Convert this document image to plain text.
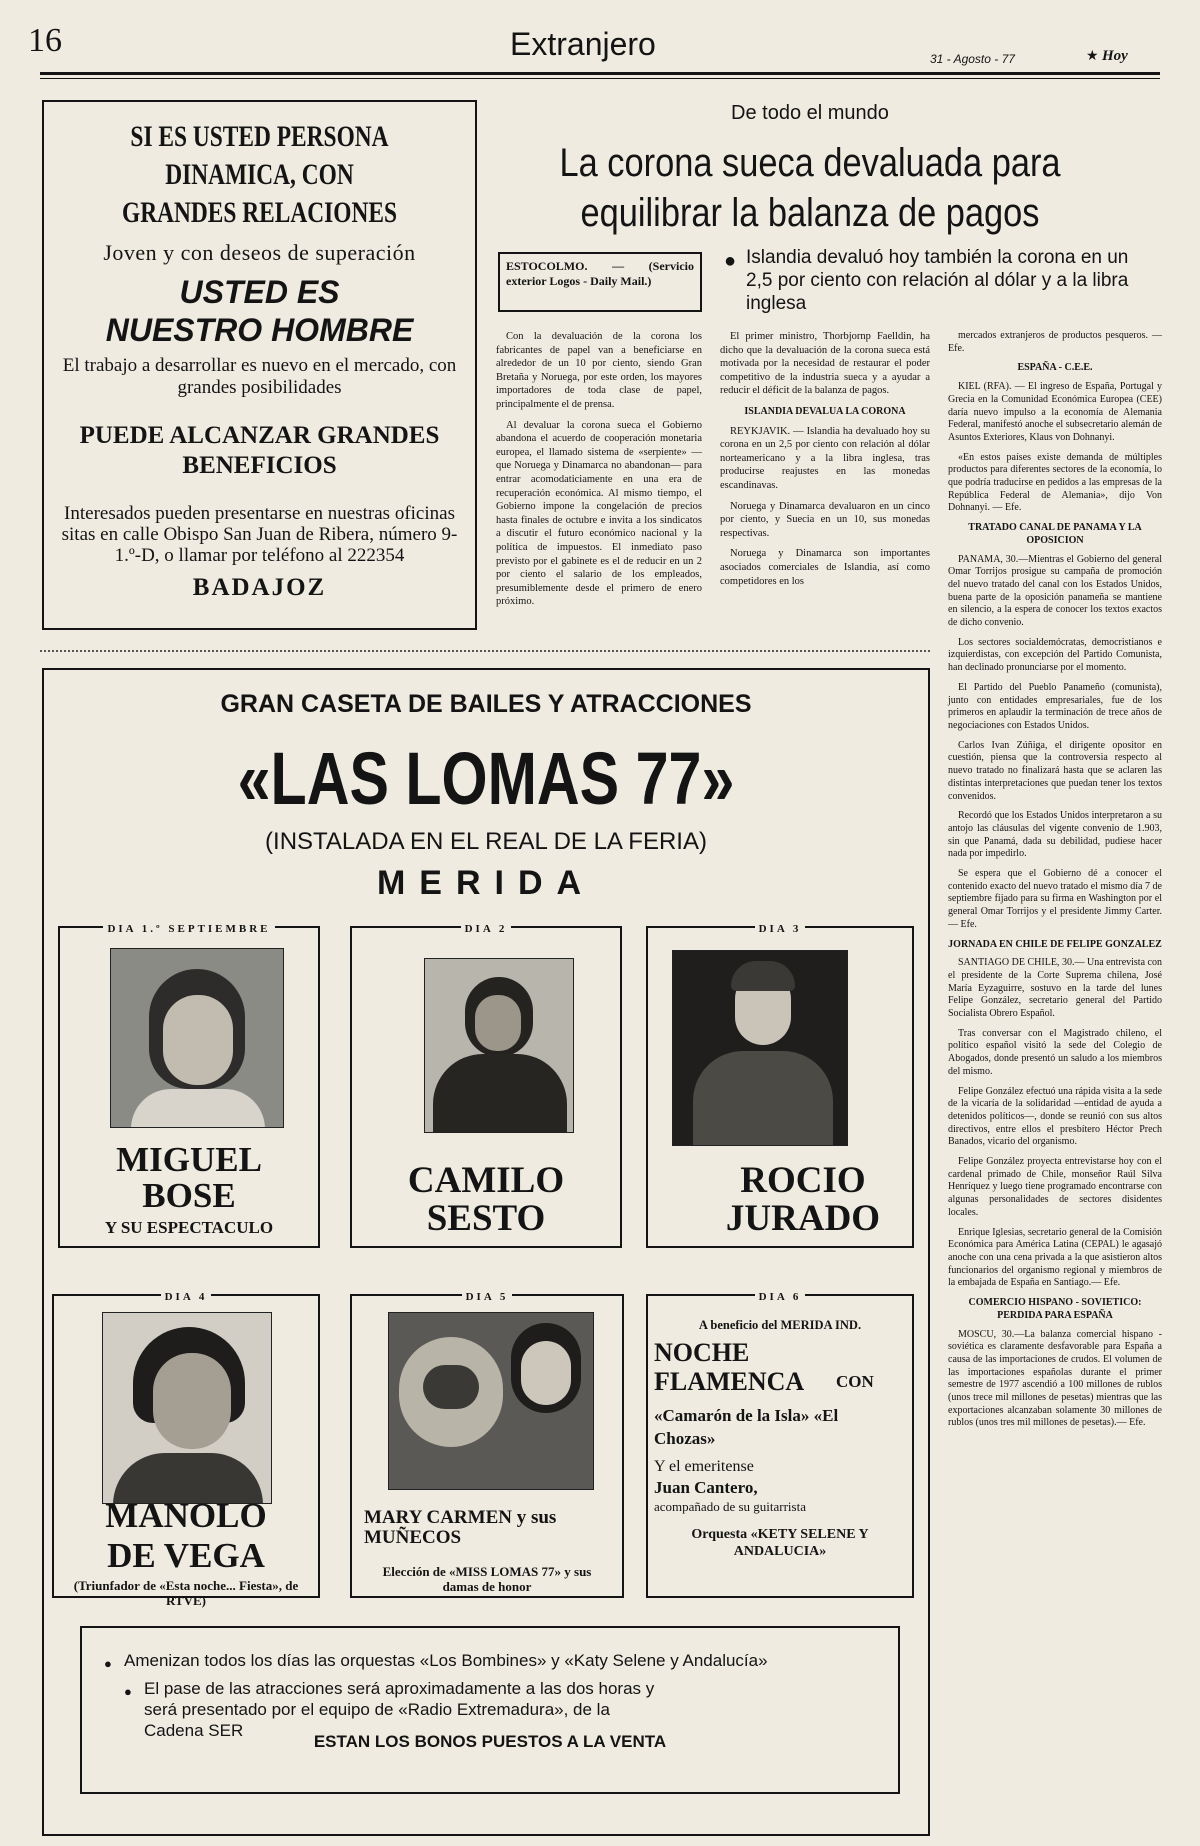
16	Extranjero	31 - Agosto - 77	★ Hoy
SI ES USTED PERSONA DINAMICA, CON GRANDES RELACIONES
Joven y con deseos de superación
USTED ES
NUESTRO HOMBRE
El trabajo a desarrollar es nuevo en el mercado, con grandes posibilidades
PUEDE ALCANZAR GRANDES BENEFICIOS
Interesados pueden presentarse en nuestras oficinas sitas en calle Obispo San Juan de Ribera, número 9-1.º-D, o llamar por teléfono al 222354
BADAJOZ
De todo el mundo
La corona sueca devaluada para equilibrar la balanza de pagos
ESTOCOLMO. — (Servicio exterior Logos - Daily Mail.)
● Islandia devaluó hoy también la corona en un 2,5 por ciento con relación al dólar y a la libra inglesa

Con la devaluación de la corona los fabricantes de papel van a beneficiarse en alrededor de un 10 por ciento, siendo Gran Bretaña y Noruega, por este orden, los mayores importadores de toda clase de papel, principalmente el de prensa.

Al devaluar la corona sueca el Gobierno abandona el acuerdo de cooperación monetaria europea, el llamado sistema de «serpiente» —que Noruega y Dinamarca no abandonan— para entrar acomodaticiamente en una era de recuperación económica. Al mismo tiempo, el Gobierno impone la congelación de precios hasta finales de octubre e invita a los sindicatos a discutir el futuro económico nacional y la política de impuestos. El inmediato paso previsto por el gabinete es el de reducir en un 2 por ciento el salario de los empleados, presumiblemente desde el primero de enero próximo.

El primer ministro, Thorbjornp Faelldin, ha dicho que la devaluación de la corona sueca está motivada por la necesidad de restaurar el poder competitivo de la industria sueca y a ayudar a reducir el déficit de la balanza de pagos.

ISLANDIA DEVALUA LA CORONA

REYKJAVIK. — Islandia ha devaluado hoy su corona en un 2,5 por ciento con relación al dólar norteamericano y a la libra inglesa, tras producirse reajustes en las monedas escandinavas.

Noruega y Dinamarca devaluaron en un cinco por ciento, y Suecia en un 10, sus monedas respectivas.

Noruega y Dinamarca son importantes asociados comerciales de Islandia, así como competidores en los

mercados extranjeros de productos pesqueros. — Efe.

ESPAÑA - C.E.E.

KIEL (RFA). — El ingreso de España, Portugal y Grecia en la Comunidad Económica Europea (CEE) daría nuevo impulso a la economía de Alemania Federal, manifestó anoche el subsecretario alemán de Asuntos Exteriores, Klaus von Dohnanyi.

«En estos países existe demanda de múltiples productos para diferentes sectores de la economía, lo que podría traducirse en pedidos a las empresas de la República Federal de Alemania», dijo Von Dohnanyi. — Efe.

TRATADO CANAL DE PANAMA Y LA OPOSICION

PANAMA, 30.—Mientras el Gobierno del general Omar Torrijos prosigue su campaña de promoción del nuevo tratado del canal con los Estados Unidos, buena parte de la oposición panameña se mantiene en silencio, a la espera de conocer los textos exactos de dicho convenio.

Los sectores socialdemócratas, democristianos e izquierdistas, con excepción del Partido Comunista, han declinado pronunciarse por el momento.

El Partido del Pueblo Panameño (comunista), junto con entidades empresariales, fue de los primeros en aplaudir la terminación de trece años de negociaciones con Estados Unidos.

Carlos Ivan Zúñiga, el dirigente opositor en cuestión, piensa que la controversia respecto al nuevo tratado no finalizará hasta que se aclaren las distintas interpretaciones que puedan tener los textos convenidos.

Recordó que los Estados Unidos interpretaron a su antojo las cláusulas del vigente convenio de 1.903, sin que Panamá, dada su debilidad, pudiese hacer nada por impedirlo.

Se espera que el Gobierno dé a conocer el contenido exacto del nuevo tratado el mismo día 7 de septiembre fijado para su firma en Washington por el general Omar Torrijos y el presidente Jimmy Carter.— Efe.

JORNADA EN CHILE DE FELIPE GONZALEZ

SANTIAGO DE CHILE, 30.— Una entrevista con el presidente de la Corte Suprema chilena, José María Eyzaguirre, sostuvo en la tarde del lunes Felipe González, secretario general del Partido Socialista Obrero Español.

Tras conversar con el Magistrado chileno, el político español visitó la sede del Colegio de Abogados, donde presentó un saludo a los miembros del mismo.

Felipe González efectuó una rápida visita a la sede de la vicaría de la solidaridad —entidad de ayuda a detenidos políticos—, donde se reunió con sus altos directivos, entre ellos el presbítero Héctor Prech Banados, vicario del organismo.

Felipe González proyecta entrevistarse hoy con el cardenal primado de Chile, monseñor Raúl Silva Henríquez y luego tiene programado encontrarse con algunas personalidades de sectores disidentes locales.

Enrique Iglesias, secretario general de la Comisión Económica para América Latina (CEPAL) le agasajó anoche con una cena privada a la que asistieron altos funcionarios del organismo regional y miembros de la embajada de España en Santiago.— Efe.

COMERCIO HISPANO - SOVIETICO: PERDIDA PARA ESPAÑA

MOSCU, 30.—La balanza comercial hispano - soviética es claramente desfavorable para España a causa de las importaciones de crudos. El volumen de las importaciones españolas durante el primer semestre de 1977 ascendió a 100 millones de rublos (unos trece mil millones de pesetas) mientras que las exportaciones alcanzaban solamente 30 millones de rublos (unos tres mil millones de pesetas).— Efe.

GRAN CASETA DE BAILES Y ATRACCIONES
«LAS LOMAS 77»
(INSTALADA EN EL REAL DE LA FERIA)
MERIDA
DIA 1.º SEPTIEMBRE
MIGUEL BOSE
Y SU ESPECTACULO
DIA 2
CAMILO SESTO
DIA 3
ROCIO JURADO
DIA 4
MANOLO DE VEGA
(Triunfador de «Esta noche... Fiesta», de RTVE)
DIA 5
MARY CARMEN y sus MUÑECOS
Elección de «MISS LOMAS 77» y sus damas de honor
DIA 6
A beneficio del MERIDA IND.
NOCHE FLAMENCA	CON
«Camarón de la Isla» «El Chozas»
Y el emeritense
Juan Cantero,
acompañado de su guitarrista
Orquesta «KETY SELENE Y ANDALUCIA»
● Amenizan todos los días las orquestas «Los Bombines» y «Katy Selene y Andalucía»
● El pase de las atracciones será aproximadamente a las dos horas y será presentado por el equipo de «Radio Extremadura», de la Cadena SER
ESTAN LOS BONOS PUESTOS A LA VENTA
